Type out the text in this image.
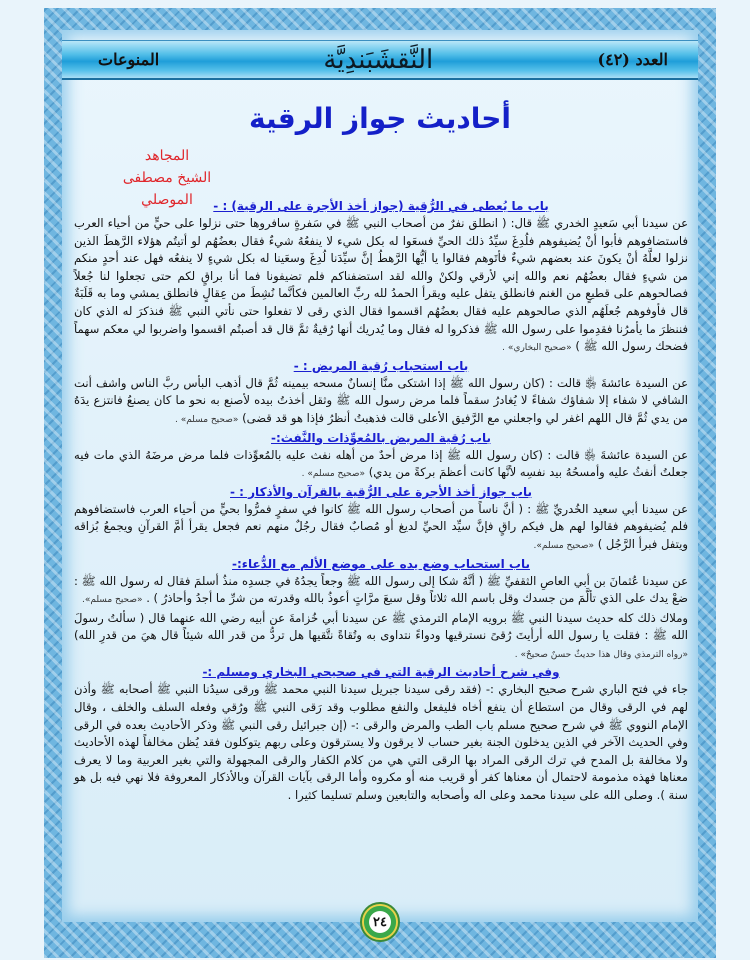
العدد (٤٢)
النَّقشَبَندِيَّة
المنوعات
أحاديث جواز الرقية
المجاهد
الشيخ مصطفى الموصلي	باب ما يُعطى في الرُّقية (جواز أخذ الأجرة على الرقية) : -

عن سيدنا أبي سَعيدٍ الخدري ﷺ قال: ( انطلق نفرٌ من أصحاب النبي ﷺ في سَفرةٍ سافروها حتى نزلوا على حيٍّ من أحياء العرب فاستضافوهم فأبوا أنْ يُضيفوهم فلُدِغَ سيِّدُ ذلك الحيِّ فسعَوا له بكل شيء لا ينفعُهُ شيءٌ فقال بعضُهُم لو أتيتُم هؤلاء الرَّهطَ الذين نزلوا لعلَّهُ أنْ يكونَ عند بعضهم شيءٌ فأتَوهم فقالوا يا أيُّها الرَّهطُ إنَّ سيِّدَنا لُدِغَ وسعَينا له بكل شيءٍ لا ينفعُه فهل عند أحدٍ منكم من شيءٍ فقال بعضُهُم نعم والله إني لأرقي ولكنْ والله لقد استضفناكم فلم تضيفونا فما أنا براقٍ لكم حتى تجعلوا لنا جُعلاً فصالحوهم على قطيعٍ من الغنم فانطلق يتفل عليه ويقرأ الحمدُ لله ربِّ العالمين فكأنَّما نُشِطَ من عِقالٍ فانطلق يمشي وما به قَلَبَةٌ قال فأوفوهم جُعلَهُم الذي صالحوهم عليه فقال بعضُهُم اقسموا فقال الذي رقى لا تفعلوا حتى نأتي النبي ﷺ فنذكرَ له الذي كان فننظرَ ما يأمرُنا فقدِموا على رسول الله ﷺ فذكروا له فقال وما يُدريك أنها رُقيةٌ ثمَّ قال قد أصبتُم اقسموا واضربوا لي معكم سهماً فضحك رسول الله ﷺ ) «صحيح البخاري» .

باب استحباب رُقية المريض : -

عن السيدة عائشةَ ﵂ قالت : (كان رسول الله ﷺ إذا اشتكى منَّا إنسانٌ مسحه بيمينه ثُمَّ قال أذهب البأس ربَّ الناس واشف أنت الشافي لا شفاء إلا شفاؤك شفاءً لا يُغادرُ سقماً فلما مرض رسول الله ﷺ وثقل أخذتُ بيده لأصنع به نحو ما كان يصنعُ فانتزع يدَهُ من يدي ثُمَّ قال اللهم اغفر لي واجعلني مع الرَّفيق الأعلى قالت فذهبتُ أنظرُ فإذا هو قد قضى) «صحيح مسلم» .

باب رُقية المريض بالمُعوِّذات والنَّفث:-

عن السيدة عائشةَ ﵂ قالت : (كان رسول الله ﷺ إذا مرض أحدٌ من أهله نفث عليه بالمُعوِّذات فلما مرض مرضَهُ الذي مات فيه جعلتُ أنفثُ عليه وأمسحُهُ بيد نفسِه لأنَّها كانت أعظمَ بركةً من يدي) «صحيح مسلم» .

باب جواز أخذ الأجرة على الرُّقية بالقرآن والأذكار : -

عن سيدنا أبي سعيد الخُدريِّ ﷺ : ( أنَّ ناساً من أصحاب رسول الله ﷺ كانوا في سفرٍ فمرُّوا بحيٍّ من أحياء العرب فاستضافوهم فلم يُضيفوهم فقالوا لهم هل فيكم راقٍ فإنَّ سيِّد الحيِّ لديغ أو مُصابٌ فقال رجُلٌ منهم نعم فجعل يقرأ أمَّ القرآنِ ويجمعُ بُزاقه ويتفل فبرأ الرَّجُل ) «صحيح مسلم».

باب استحباب وضع يده على موضع الألم مع الدُّعاء:-

عن سيدنا عُثمانَ بن أبي العاصِ الثقفيِّ ﷺ ( أنَّهُ شكا إلى رسول الله ﷺ وجعاً يجدُهُ في جسدِه منذُ أسلمَ فقال له رسول الله ﷺ : ضعْ يدك على الذي تألَّمَ من جسدك وقل باسم الله ثلاثاً وقل سبعَ مرَّاتٍ أعوذُ بالله وقدرته من شرِّ ما أجدُ وأحاذرُ ) . «صحيح مسلم».

وملاك ذلك كله حديث سيدنا النبي ﷺ برويه الإمام الترمذي ﷺ عن سيدنا أبي خُزامةَ عن أبيه رضي الله عنهما قال ( سألتُ رسولَ الله ﷺ : فقلت يا رسول الله أرأيتَ رُقىً نسترقيها ودواءً نتداوى به وتُقاةً نتَّقيها هل تردُّ من قدر الله شيئاً قال هيَ من قدرِ الله) «رواه الترمذي وقال هذا حديثٌ حسنٌ صحيحٌ» .

وفي شرح أحاديث الرقية التي في صحيحي البخاري ومسلم :-

جاء في فتح الباري شرح صحيح البخاري :- (فقد رقى سيدنا جبريل سيدنا النبي محمد ﷺ ورقى سيدُنا النبي ﷺ أصحابه ﷺ وأذن لهم في الرقى وقال من استطاع أن ينفع أخاه فليفعل والنفع مطلوب وقد رَقى النبي ﷺ ورُقي وفعله السلف والخلف ، وقال الإمام النووي ﷺ في شرح صحيح مسلم باب الطب والمرض والرقى :- (إن جبرائيل رقى النبي ﷺ وذكر الأحاديث بعده في الرقى وفي الحديث الآخر في الذين يدخلون الجنة بغير حساب لا يرقون ولا يسترقون وعلى ربهم يتوكلون فقد يُظن مخالفاً لهذه الأحاديث ولا مخالفة بل المدح في ترك الرقى المراد بها الرقى التي هي من كلام الكفار والرقى المجهولة والتي بغير العربية وما لا يعرف معناها فهذه مذمومة لاحتمال أن معناها كفر أو قريب منه أو مكروه وأما الرقى بآيات القرآن وبالأذكار المعروفة فلا نهي فيه بل هو سنة ). وصلى الله على سيدنا محمد وعلى اله وأصحابه والتابعين وسلم تسليما كثيرا .

٢٤
